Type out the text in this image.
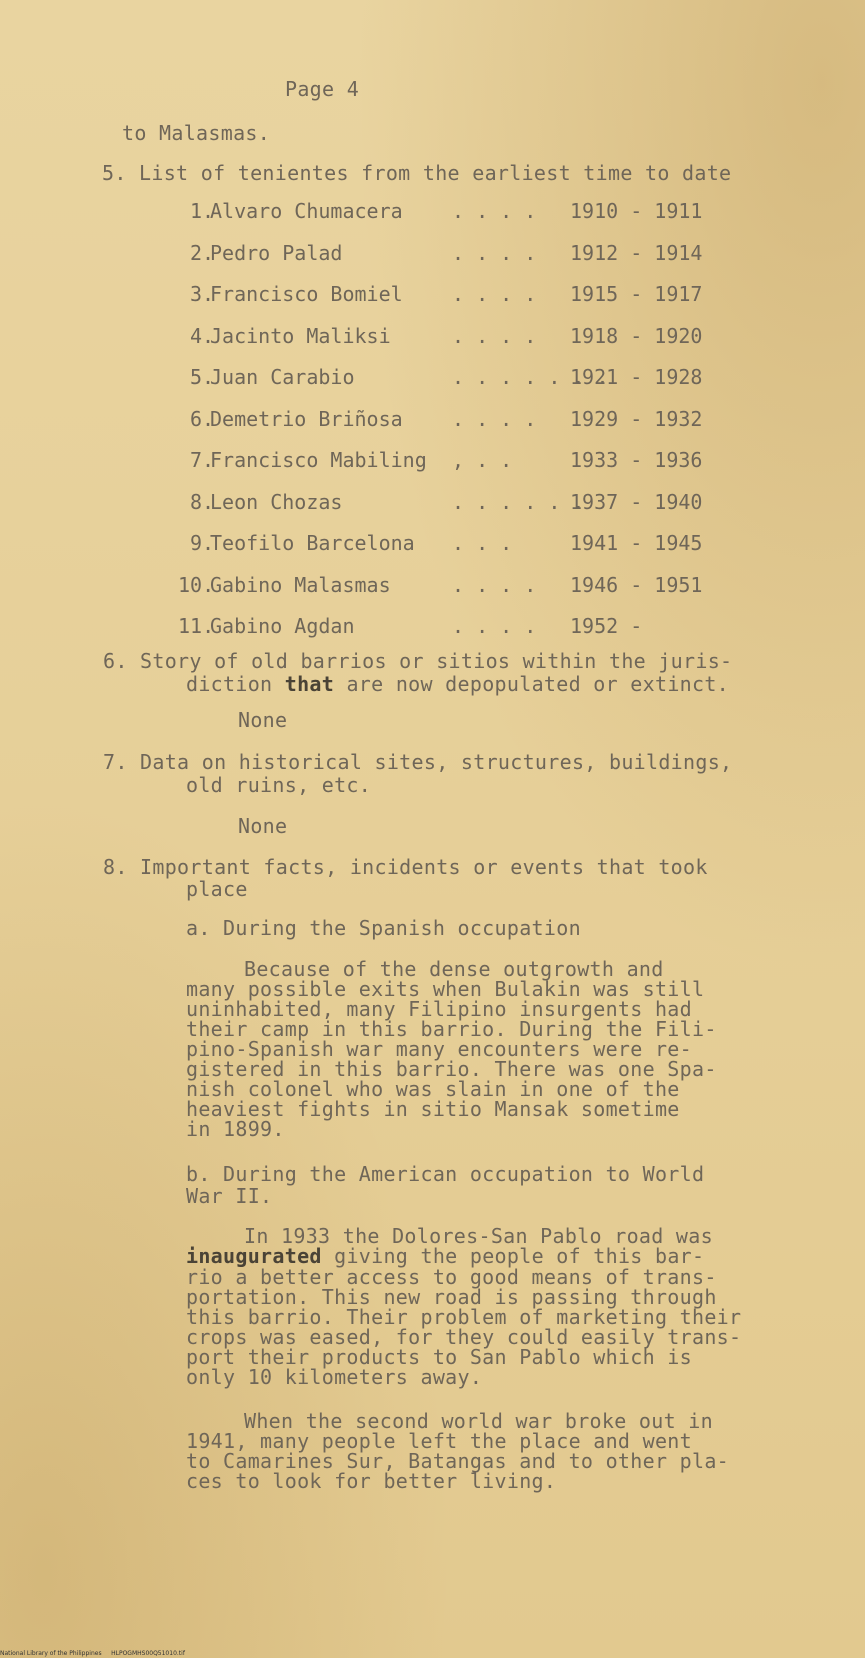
Page 4
to Malasmas.
5. List of tenientes from the earliest time to date
1.
Alvaro Chumacera . . . . 1910 - 1911
2.
Pedro Palad	. . . . 1912 - 1914
3.
Francisco Bomiel . . . . 1915 - 1917
4.
Jacinto Maliksi	. . . . 1918 - 1920
5.
Juan Carabio	. . . . . . .
1921 - 1928
6.
Demetrio Briñosa . . . . 1929 - 1932
7.
Francisco Mabiling , . .	1933 - 1936
8.
Leon Chozas	. . . . . .
1937 - 1940
9.
Teofilo Barcelona . . .	1941 - 1945
10.
Gabino Malasmas	. . . . 1946 - 1951
11.
Gabino Agdan	. . . . 1952 -
6. Story of old barrios or sitios within the juris-
diction that are now depopulated or extinct.
None
7. Data on historical sites, structures, buildings,
old ruins, etc.
None
8. Important facts, incidents or events that took
place
a. During the Spanish occupation
Because of the dense outgrowth and
many possible exits when Bulakin was still
uninhabited, many Filipino insurgents had
their camp in this barrio. During the Fili-
pino-Spanish war many encounters were re-
gistered in this barrio. There was one Spa-
nish colonel who was slain in one of the
heaviest fights in sitio Mansak sometime
in 1899.
b. During the American occupation to World
War II.
In 1933 the Dolores-San Pablo road was
inaugurated giving the people of this bar-
rio a better access to good means of trans-
portation. This new road is passing through
this barrio. Their problem of marketing their
crops was eased, for they could easily trans-
port their products to San Pablo which is
only 10 kilometers away.
When the second world war broke out in
1941, many people left the place and went
to Camarines Sur, Batangas and to other pla-
ces to look for better living.
National Library of the Philippines     HLPOGMHS00Q51010.tif
